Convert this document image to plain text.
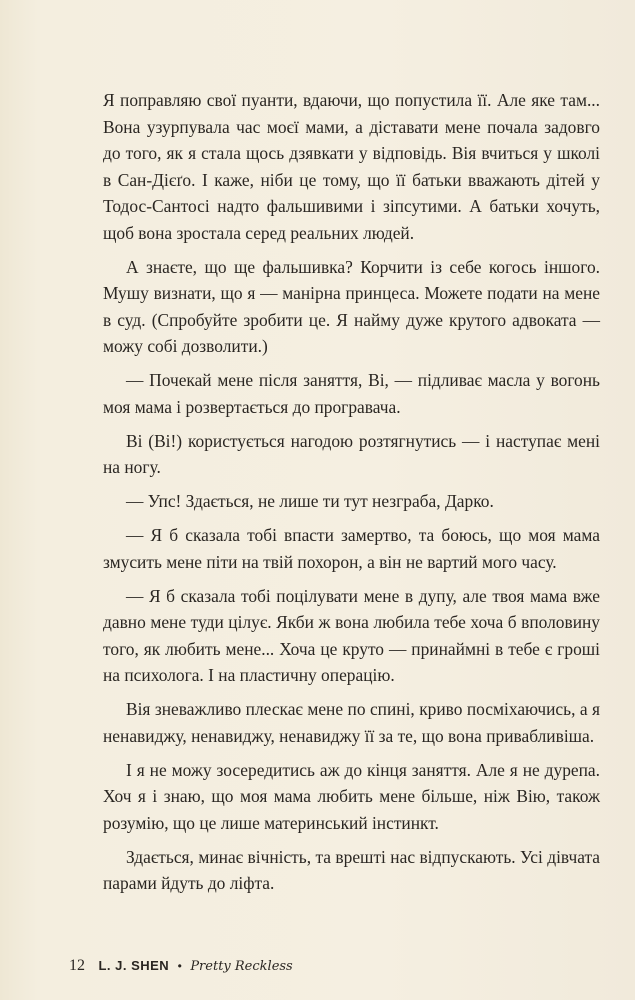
Я поправляю свої пуанти, вдаючи, що попустила її. Але яке там... Вона узурпувала час моєї мами, а діставати мене почала задовго до того, як я стала щось дзявкати у відповідь. Вія вчиться у школі в Сан-Дієґо. І каже, ніби це тому, що її батьки вважають дітей у Тодос-Сантосі надто фальшивими і зіпсутими. А батьки хочуть, щоб вона зростала серед реальних людей.

А знаєте, що ще фальшивка? Корчити із себе когось іншого. Мушу визнати, що я — манірна принцеса. Можете подати на мене в суд. (Спробуйте зробити це. Я найму дуже крутого адвоката — можу собі дозволити.)

— Почекай мене після заняття, Ві, — підливає масла у вогонь моя мама і розвертається до програвача.

Ві (Ві!) користується нагодою розтягнутись — і наступає мені на ногу.

— Упс! Здається, не лише ти тут незграба, Дарко.

— Я б сказала тобі впасти замертво, та боюсь, що моя мама змусить мене піти на твій похорон, а він не вартий мого часу.

— Я б сказала тобі поцілувати мене в дупу, але твоя мама вже давно мене туди цілує. Якби ж вона любила тебе хоча б вполовину того, як любить мене... Хоча це круто — принаймні в тебе є гроші на психолога. І на пластичну операцію.

Вія зневажливо плескає мене по спині, криво посміхаючись, а я ненавиджу, ненавиджу, ненавиджу її за те, що вона привабливіша.

І я не можу зосередитись аж до кінця заняття. Але я не дурепа. Хоч я і знаю, що моя мама любить мене більше, ніж Вію, також розумію, що це лише материнський інстинкт.

Здається, минає вічність, та врешті нас відпускають. Усі дівчата парами йдуть до ліфта.

12 L. J. SHEN • Pretty Reckless
